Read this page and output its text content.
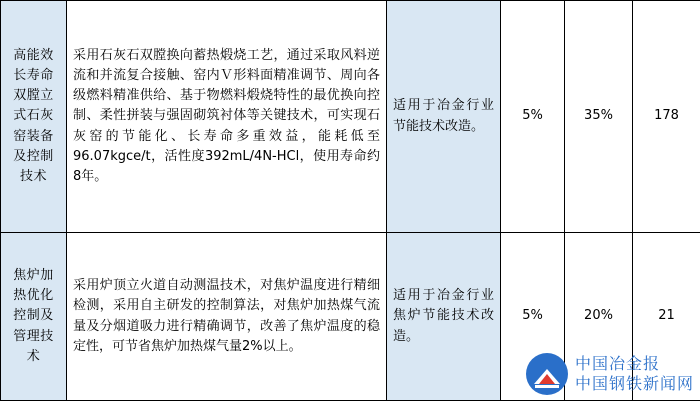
高能效长寿命双膛立式石灰窑装备及控制技术	采用石灰石双膛换向蓄热煅烧工艺，通过采取风料逆流和并流复合接触、窑内Ｖ形料面精准调节、周向各级燃料精准供给、基于物燃料煅烧特性的最优换向控制、柔性拼装与强固砌筑衬体等关键技术，可实现石灰窑的节能化、长寿命多重效益，能耗低至96.07kgce/t，活性度392mL/4N-HCl，使用寿命约8年。	适用于冶金行业节能技术改造。	5%	35%	178
焦炉加热优化控制及管理技术	采用炉顶立火道自动测温技术，对焦炉温度进行精细检测，采用自主研发的控制算法，对焦炉加热煤气流量及分烟道吸力进行精确调节，改善了焦炉温度的稳定性，可节省焦炉加热煤气量2%以上。	适用于冶金行业焦炉节能技术改造。	5%	20%	21
中国冶金报
中国钢铁新闻网
